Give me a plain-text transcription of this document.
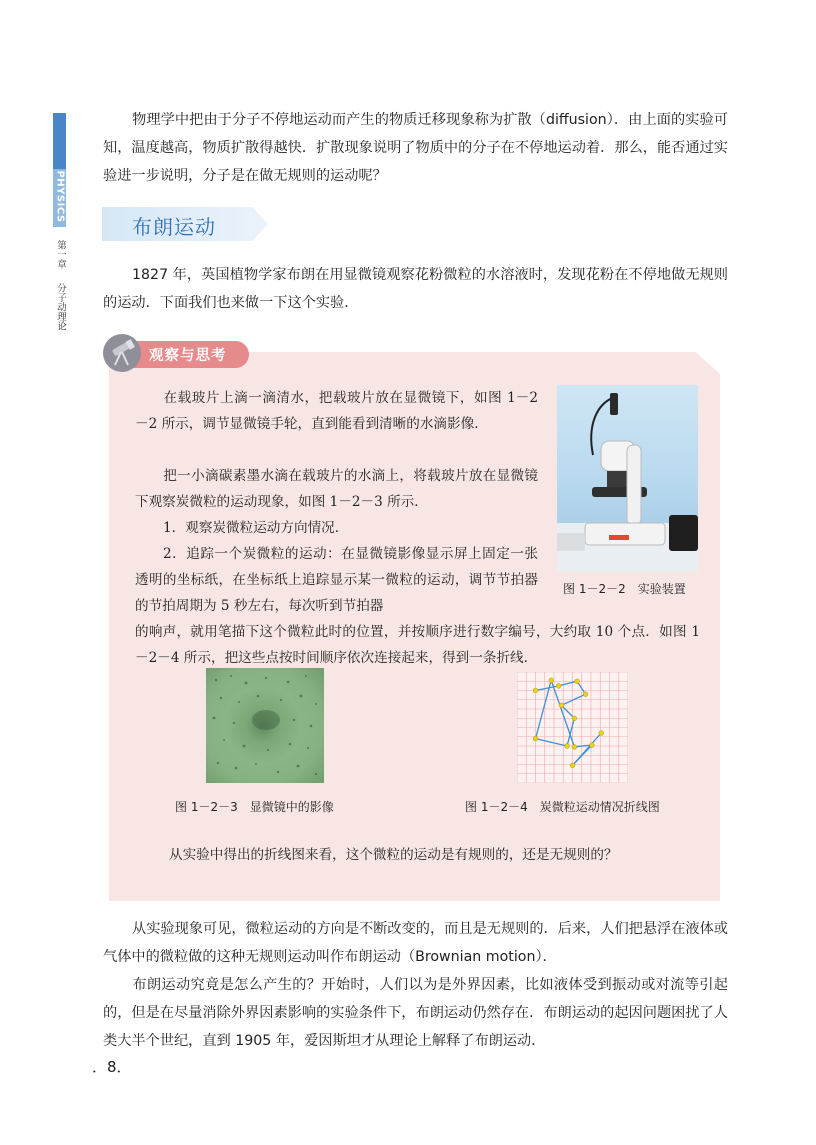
PHYSICS
第一章
分子动理论

物理学中把由于分子不停地运动而产生的物质迁移现象称为扩散（diffusion）．由上面的实验可知，温度越高，物质扩散得越快．扩散现象说明了物质中的分子在不停地运动着．那么，能否通过实验进一步说明，分子是在做无规则的运动呢？

布朗运动

1827 年，英国植物学家布朗在用显微镜观察花粉微粒的水溶液时，发现花粉在不停地做无规则的运动．下面我们也来做一下这个实验．

观察与思考

在载玻片上滴一滴清水，把载玻片放在显微镜下，如图 1－2－2 所示，调节显微镜手轮，直到能看到清晰的水滴影像．

把一小滴碳素墨水滴在载玻片的水滴上，将载玻片放在显微镜下观察炭微粒的运动现象，如图 1－2－3 所示．

1．观察炭微粒运动方向情况．

2．追踪一个炭微粒的运动：在显微镜影像显示屏上固定一张透明的坐标纸，在坐标纸上追踪显示某一微粒的运动，调节节拍器的节拍周期为 5 秒左右，每次听到节拍器

的响声，就用笔描下这个微粒此时的位置，并按顺序进行数字编号，大约取 10 个点．如图 1－2－4 所示，把这些点按时间顺序依次连接起来，得到一条折线．

图 1－2－2　实验装置
图 1－2－3　显微镜中的影像	图 1－2－4　炭微粒运动情况折线图

从实验中得出的折线图来看，这个微粒的运动是有规则的，还是无规则的？

从实验现象可见，微粒运动的方向是不断改变的，而且是无规则的．后来，人们把悬浮在液体或气体中的微粒做的这种无规则运动叫作布朗运动（Brownian motion）．

布朗运动究竟是怎么产生的？开始时，人们以为是外界因素，比如液体受到振动或对流等引起的，但是在尽量消除外界因素影响的实验条件下，布朗运动仍然存在．布朗运动的起因问题困扰了人类大半个世纪，直到 1905 年，爱因斯坦才从理论上解释了布朗运动．

．8．
